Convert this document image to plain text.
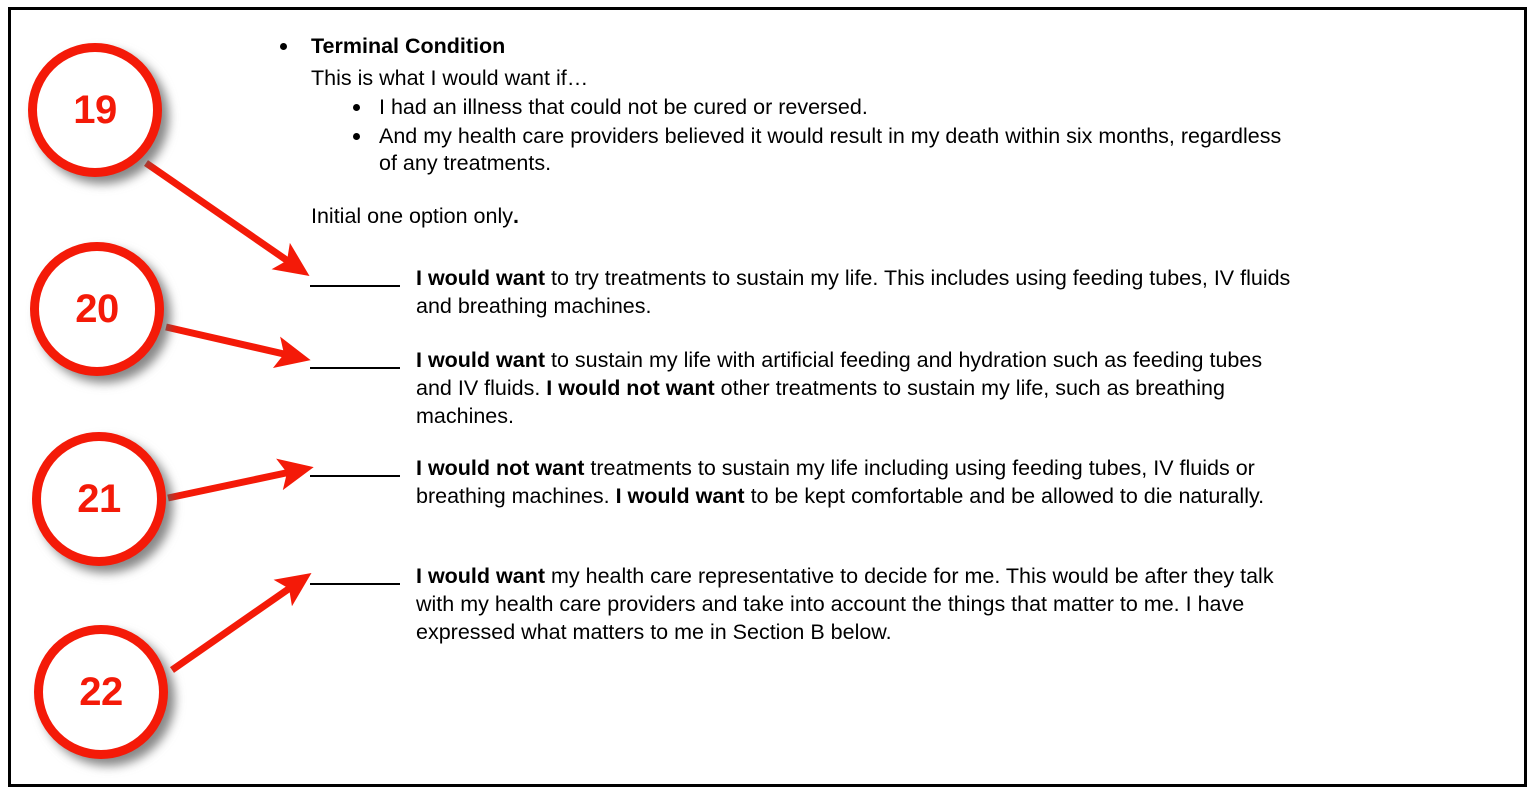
19
20
21
22
Terminal Condition
This is what I would want if…
I had an illness that could not be cured or reversed.
And my health care providers believed it would result in my death within six months, regardless of any treatments.
Initial one option only.
I would want to try treatments to sustain my life. This includes using feeding tubes, IV fluids and breathing machines.
I would want to sustain my life with artificial feeding and hydration such as feeding tubes and IV fluids. I would not want other treatments to sustain my life, such as breathing machines.
I would not want treatments to sustain my life including using feeding tubes, IV fluids or breathing machines. I would want to be kept comfortable and be allowed to die naturally.
I would want my health care representative to decide for me. This would be after they talk with my health care providers and take into account the things that matter to me. I have expressed what matters to me in Section B below.
